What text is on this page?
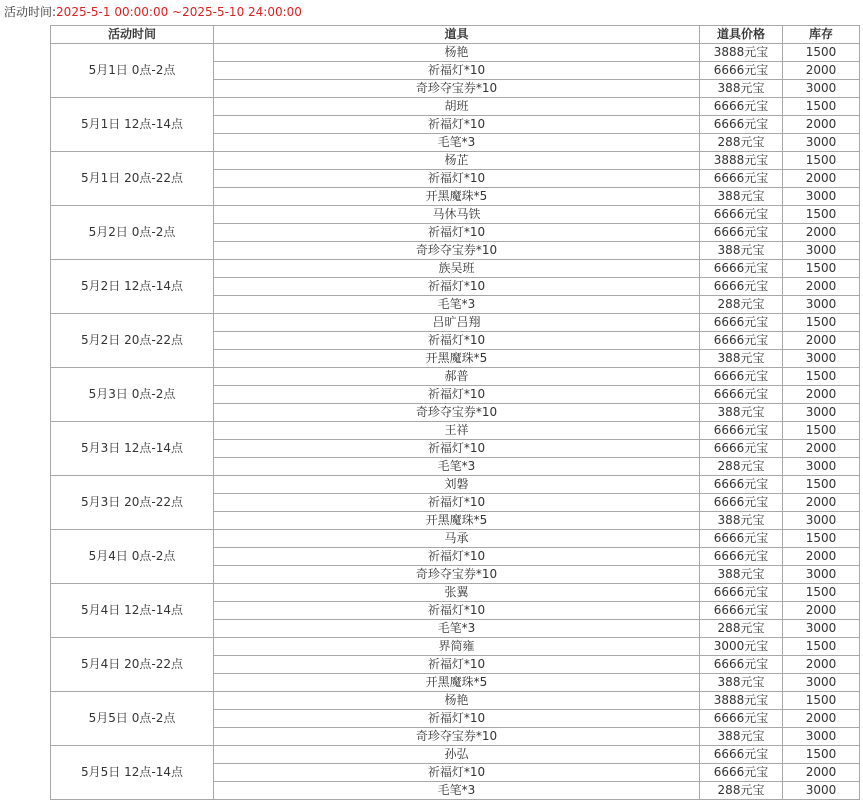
活动时间:2025-5-1 00:00:00 ~2025-5-10 24:00:00
活动时间	道具	道具价格	库存
5月1日 0点-2点	杨艳	3888元宝	1500
	祈福灯*10	6666元宝	2000
	奇珍夺宝券*10	388元宝	3000
5月1日 12点-14点	胡班	6666元宝	1500
	祈福灯*10	6666元宝	2000
	毛笔*3	288元宝	3000
5月1日 20点-22点	杨芷	3888元宝	1500
	祈福灯*10	6666元宝	2000
	开黑魔珠*5	388元宝	3000
5月2日 0点-2点	马休马铁	6666元宝	1500
	祈福灯*10	6666元宝	2000
	奇珍夺宝券*10	388元宝	3000
5月2日 12点-14点	族吴班	6666元宝	1500
	祈福灯*10	6666元宝	2000
	毛笔*3	288元宝	3000
5月2日 20点-22点	吕旷吕翔	6666元宝	1500
	祈福灯*10	6666元宝	2000
	开黑魔珠*5	388元宝	3000
5月3日 0点-2点	郝普	6666元宝	1500
	祈福灯*10	6666元宝	2000
	奇珍夺宝券*10	388元宝	3000
5月3日 12点-14点	王祥	6666元宝	1500
	祈福灯*10	6666元宝	2000
	毛笔*3	288元宝	3000
5月3日 20点-22点	刘磐	6666元宝	1500
	祈福灯*10	6666元宝	2000
	开黑魔珠*5	388元宝	3000
5月4日 0点-2点	马承	6666元宝	1500
	祈福灯*10	6666元宝	2000
	奇珍夺宝券*10	388元宝	3000
5月4日 12点-14点	张翼	6666元宝	1500
	祈福灯*10	6666元宝	2000
	毛笔*3	288元宝	3000
5月4日 20点-22点	界简雍	3000元宝	1500
	祈福灯*10	6666元宝	2000
	开黑魔珠*5	388元宝	3000
5月5日 0点-2点	杨艳	3888元宝	1500
	祈福灯*10	6666元宝	2000
	奇珍夺宝券*10	388元宝	3000
5月5日 12点-14点	孙弘	6666元宝	1500
	祈福灯*10	6666元宝	2000
	毛笔*3	288元宝	3000
